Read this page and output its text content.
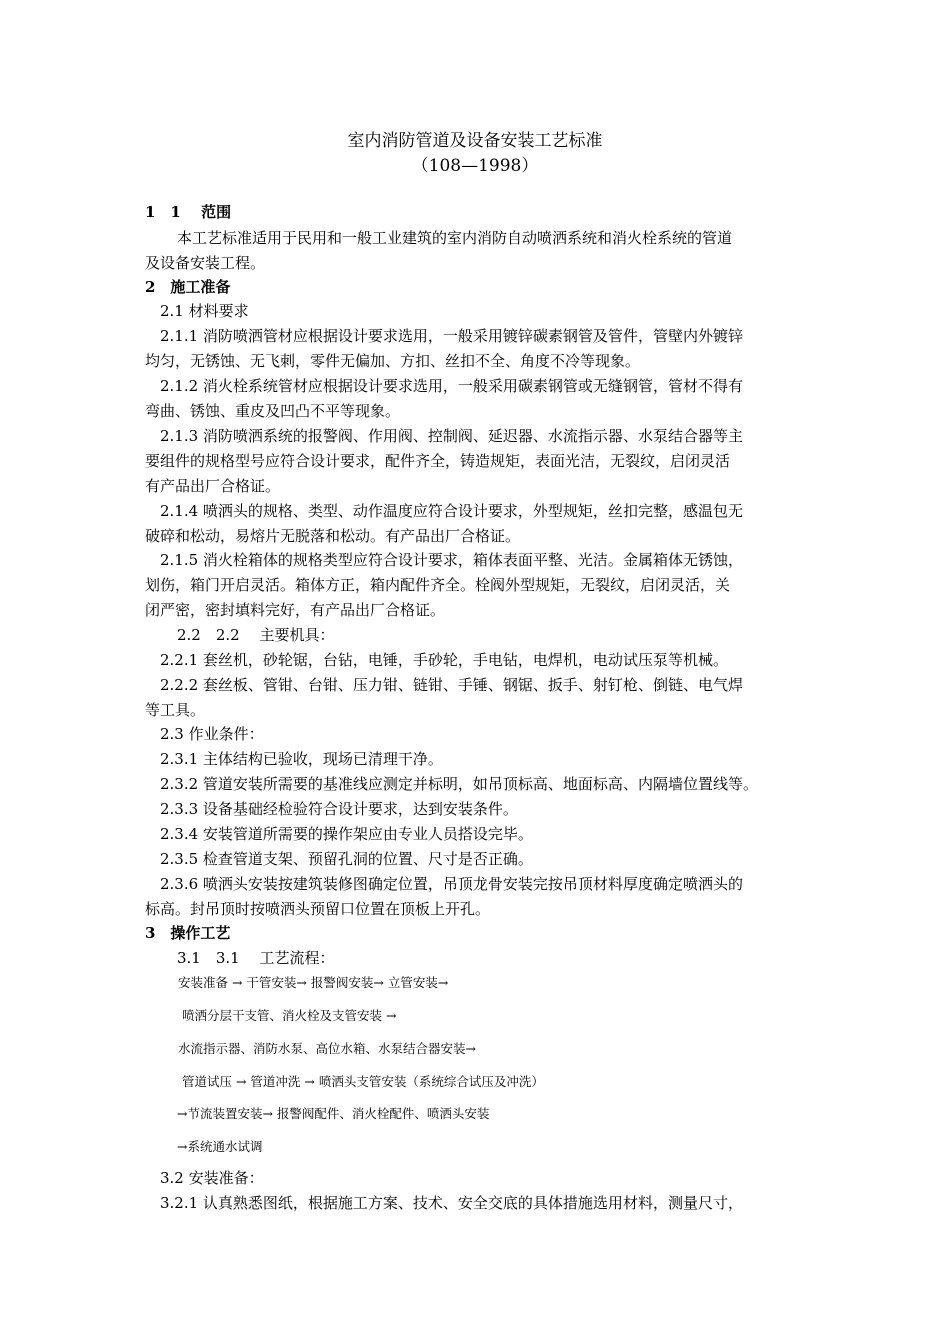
室内消防管道及设备安装工艺标准
（108—1998）
1　1　 范围
本工艺标准适用于民用和一般工业建筑的室内消防自动喷洒系统和消火栓系统的管道
及设备安装工程。
2　施工准备
2.1 材料要求
2.1.1 消防喷洒管材应根据设计要求选用，一般采用镀锌碳素钢管及管件，管壁内外镀锌
均匀，无锈蚀、无飞刺，零件无偏加、方扣、丝扣不全、角度不冷等现象。
2.1.2 消火栓系统管材应根据设计要求选用，一般采用碳素钢管或无缝钢管，管材不得有
弯曲、锈蚀、重皮及凹凸不平等现象。
2.1.3 消防喷洒系统的报警阀、作用阀、控制阀、延迟器、水流指示器、水泵结合器等主
要组件的规格型号应符合设计要求，配件齐全，铸造规矩，表面光洁，无裂纹，启闭灵活
有产品出厂合格证。
2.1.4 喷洒头的规格、类型、动作温度应符合设计要求，外型规矩，丝扣完整，感温包无
破碎和松动，易熔片无脱落和松动。有产品出厂合格证。
2.1.5 消火栓箱体的规格类型应符合设计要求，箱体表面平整、光洁。金属箱体无锈蚀，
划伤，箱门开启灵活。箱体方正，箱内配件齐全。栓阀外型规矩，无裂纹，启闭灵活，关
闭严密，密封填料完好，有产品出厂合格证。
2.2　2.2　 主要机具：
2.2.1 套丝机，砂轮锯，台钻，电锤，手砂轮，手电钻，电焊机，电动试压泵等机械。
2.2.2 套丝板、管钳、台钳、压力钳、链钳、手锤、钢锯、扳手、射钉枪、倒链、电气焊
等工具。
2.3 作业条件：
2.3.1 主体结构已验收，现场已清理干净。
2.3.2 管道安装所需要的基准线应测定并标明，如吊顶标高、地面标高、内隔墙位置线等。
2.3.3 设备基础经检验符合设计要求，达到安装条件。
2.3.4 安装管道所需要的操作架应由专业人员搭设完毕。
2.3.5 检查管道支架、预留孔洞的位置、尺寸是否正确。
2.3.6 喷洒头安装按建筑装修图确定位置，吊顶龙骨安装完按吊顶材料厚度确定喷洒头的
标高。封吊顶时按喷洒头预留口位置在顶板上开孔。
3　操作工艺
3.1　3.1　 工艺流程：
安装准备 → 干管安装→ 报警阀安装→ 立管安装→
喷洒分层干支管、消火栓及支管安装 →
水流指示器、消防水泵、高位水箱、水泵结合器安装→
管道试压 → 管道冲洗 → 喷洒头支管安装（系统综合试压及冲洗）
→节流装置安装→ 报警阀配件、消火栓配件、喷洒头安装
→系统通水试调
3.2 安装准备：
3.2.1 认真熟悉图纸，根据施工方案、技术、安全交底的具体措施选用材料，测量尺寸，
